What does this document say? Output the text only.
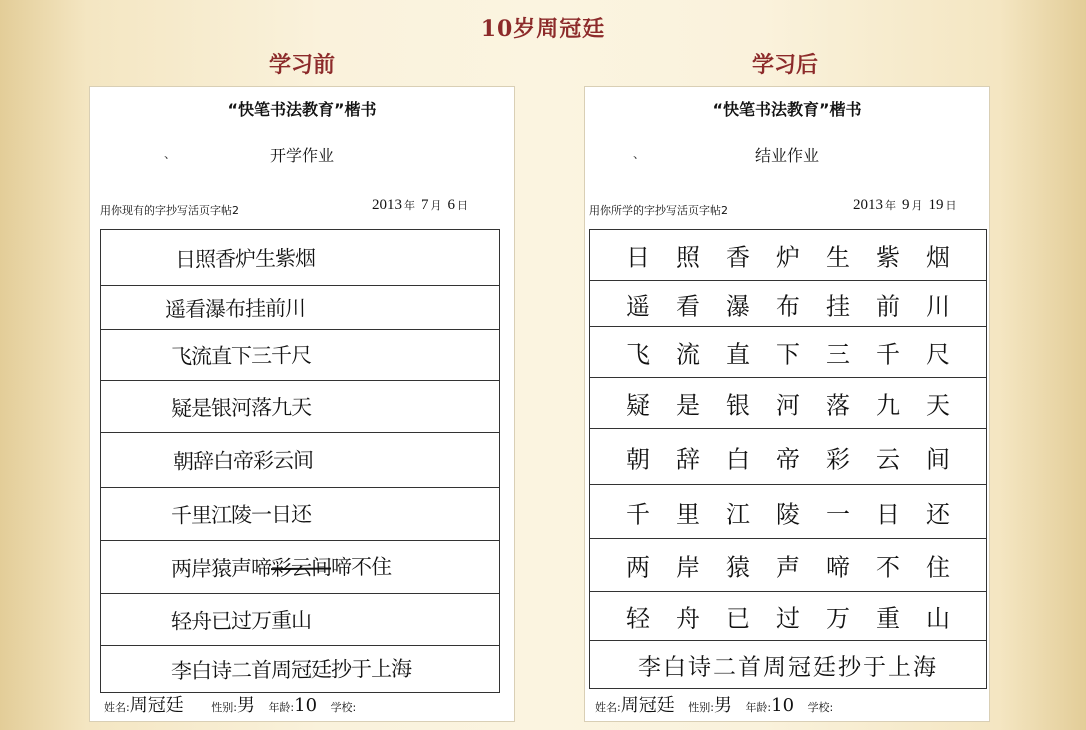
10岁周冠廷
学习前	学习后
“快笔书法教育”楷书
、	开学作业
用你现有的字抄写活页字帖2	2013 年 7 月 6 日
日照香炉生紫烟
遥看瀑布挂前川
飞流直下三千尺
疑是银河落九天
朝辞白帝彩云间
千里江陵一日还
两岸猿声啼彩云间啼不住
轻舟已过万重山
李白诗二首周冠廷抄于上海
姓名:周冠廷	性别:男 年龄:10 学校:
“快笔书法教育”楷书
、	结业作业
用你所学的字抄写活页字帖2	2013 年 9 月 19 日
日照香炉生紫烟
遥看瀑布挂前川
飞流直下三千尺
疑是银河落九天
朝辞白帝彩云间
千里江陵一日还
两岸猿声啼不住
轻舟已过万重山
李白诗二首周冠廷抄于上海
姓名:周冠廷 性别:男 年龄:10 学校:
